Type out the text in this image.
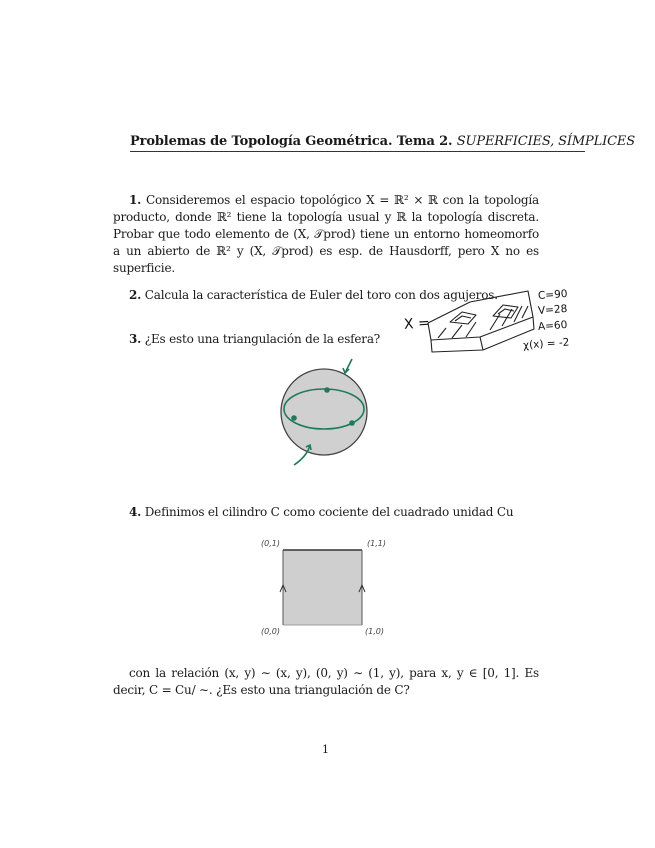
Problemas de Topología Geométrica. Tema 2. SUPERFICIES, SÍMPLICES
1. Consideremos el espacio topológico X = ℝ² × ℝ con la topología producto, donde ℝ² tiene la topología usual y ℝ la topología discreta. Probar que todo elemento de (X, 𝒯prod) tiene un entorno homeomorfo a un abierto de ℝ² y (X, 𝒯prod) es esp. de Hausdorff, pero X no es superficie.
2. Calcula la característica de Euler del toro con dos agujeros.
X =
C=90
V=28
A=60
χ(x) = -2
3. ¿Es esto una triangulación de la esfera?
4. Definimos el cilindro C como cociente del cuadrado unidad Cu
(0,1)	(1,1)
(0,0)	(1,0)
con la relación (x, y) ∼ (x, y), (0, y) ∼ (1, y), para x, y ∈ [0, 1]. Es decir, C = Cu/ ∼. ¿Es esto una triangulación de C?
1
